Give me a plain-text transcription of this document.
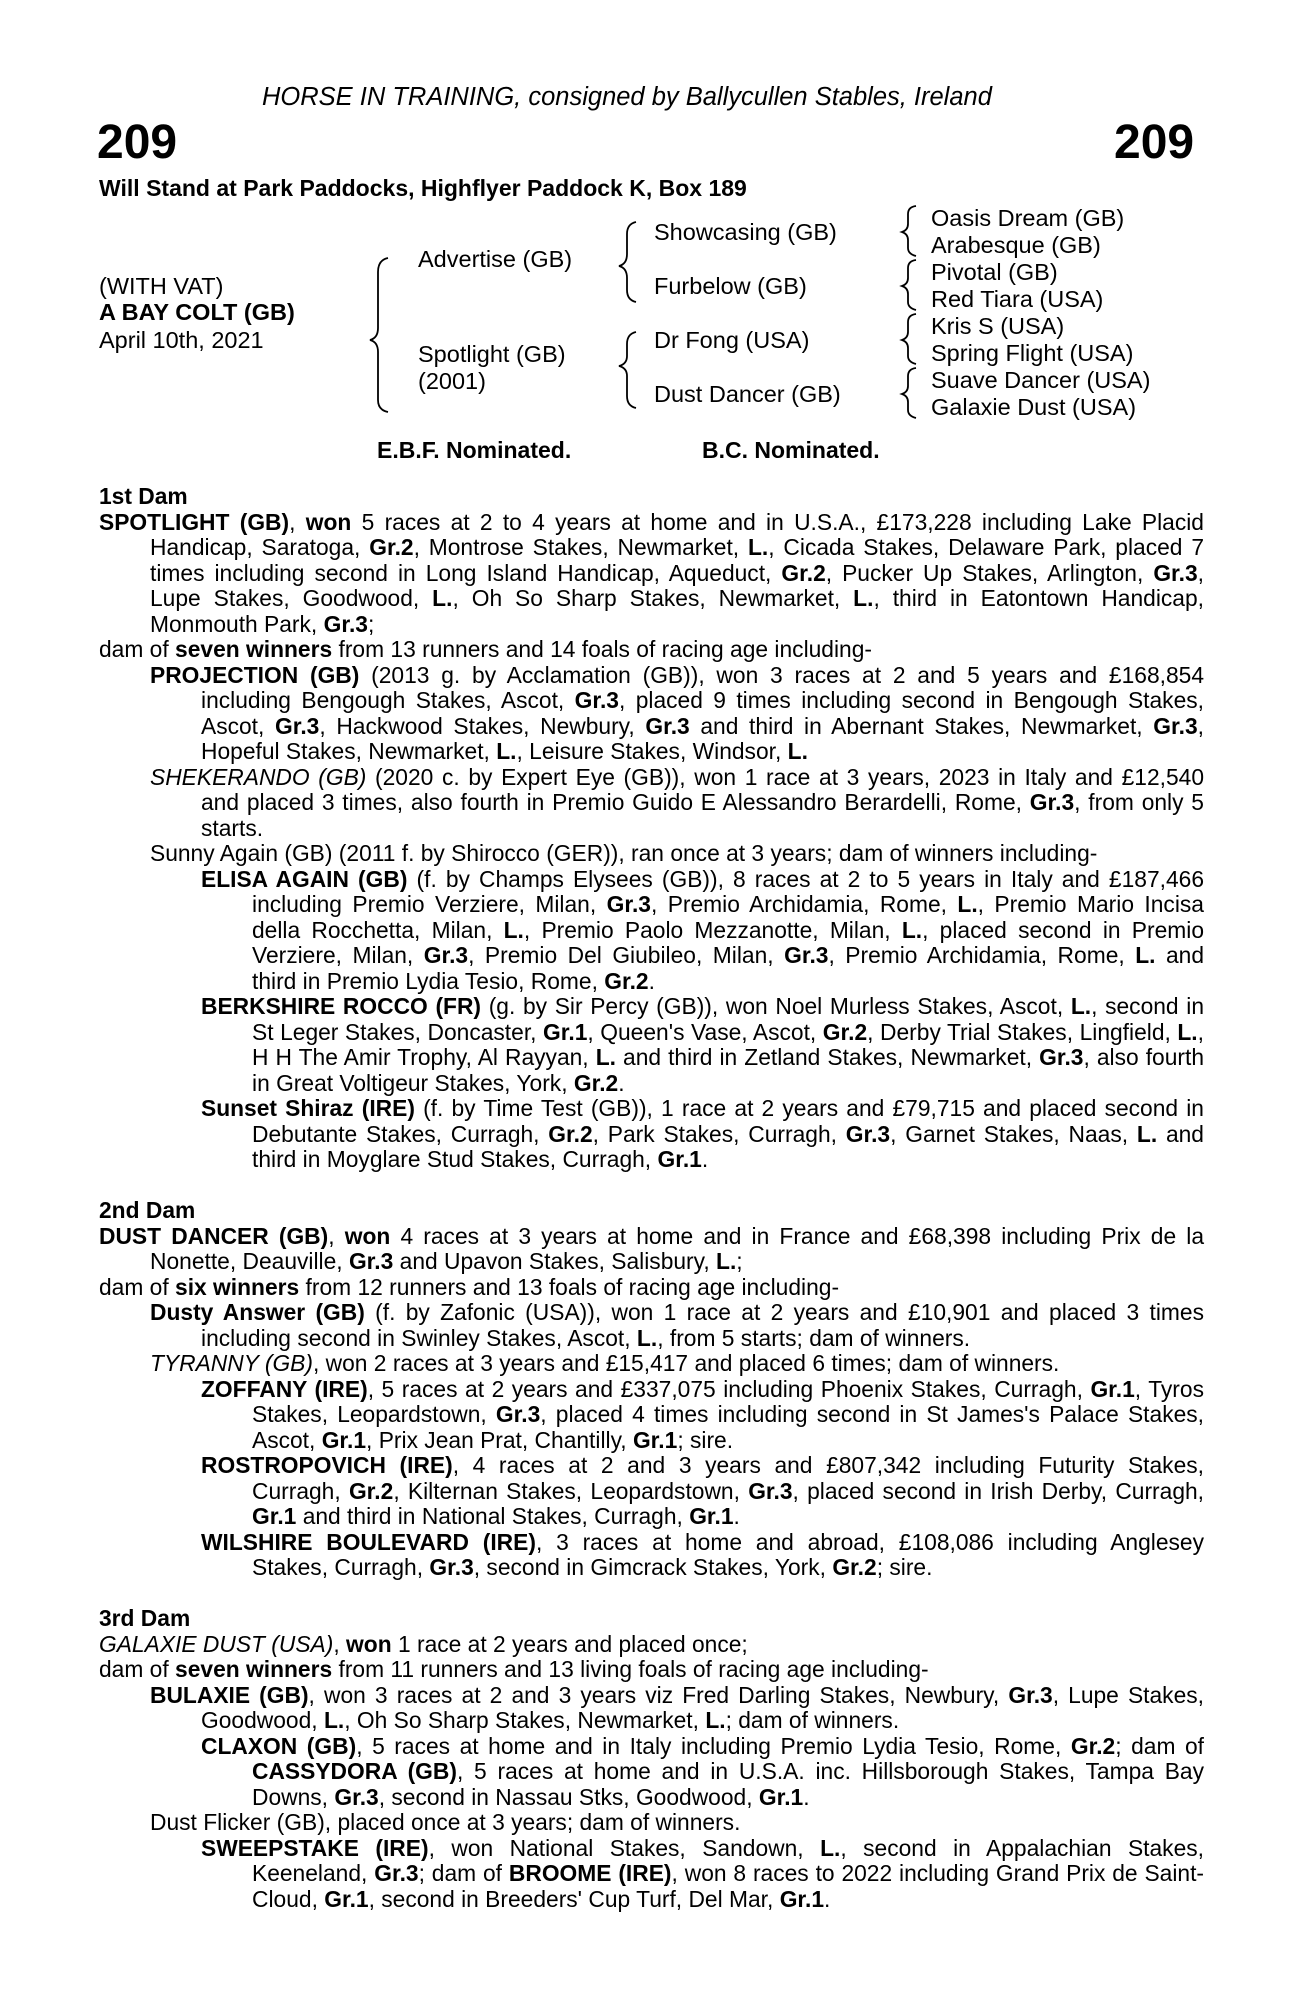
HORSE IN TRAINING, consigned by Ballycullen Stables, Ireland
209	209
Will Stand at Park Paddocks, Highflyer Paddock K, Box 189
(WITH VAT)
A BAY COLT (GB)
April 10th, 2021
Advertise (GB)
Spotlight (GB)
(2001)
Showcasing (GB)
Furbelow (GB)
Dr Fong (USA)
Dust Dancer (GB)
Oasis Dream (GB)
Arabesque (GB)
Pivotal (GB)
Red Tiara (USA)
Kris S (USA)
Spring Flight (USA)
Suave Dancer (USA)
Galaxie Dust (USA)
E.B.F. Nominated.	B.C. Nominated.
1st Dam

SPOTLIGHT (GB), won 5 races at 2 to 4 years at home and in U.S.A., £173,228 including Lake Placid Handicap, Saratoga, Gr.2, Montrose Stakes, Newmarket, L., Cicada Stakes, Delaware Park, placed 7 times including second in Long Island Handicap, Aqueduct, Gr.2, Pucker Up Stakes, Arlington, Gr.3, Lupe Stakes, Goodwood, L., Oh So Sharp Stakes, Newmarket, L., third in Eatontown Handicap, Monmouth Park, Gr.3;

dam of seven winners from 13 runners and 14 foals of racing age including-

PROJECTION (GB) (2013 g. by Acclamation (GB)), won 3 races at 2 and 5 years and £168,854 including Bengough Stakes, Ascot, Gr.3, placed 9 times including second in Bengough Stakes, Ascot, Gr.3, Hackwood Stakes, Newbury, Gr.3 and third in Abernant Stakes, Newmarket, Gr.3, Hopeful Stakes, Newmarket, L., Leisure Stakes, Windsor, L.

SHEKERANDO (GB) (2020 c. by Expert Eye (GB)), won 1 race at 3 years, 2023 in Italy and £12,540 and placed 3 times, also fourth in Premio Guido E Alessandro Berardelli, Rome, Gr.3, from only 5 starts.

Sunny Again (GB) (2011 f. by Shirocco (GER)), ran once at 3 years; dam of winners including-

ELISA AGAIN (GB) (f. by Champs Elysees (GB)), 8 races at 2 to 5 years in Italy and £187,466 including Premio Verziere, Milan, Gr.3, Premio Archidamia, Rome, L., Premio Mario Incisa della Rocchetta, Milan, L., Premio Paolo Mezzanotte, Milan, L., placed second in Premio Verziere, Milan, Gr.3, Premio Del Giubileo, Milan, Gr.3, Premio Archidamia, Rome, L. and third in Premio Lydia Tesio, Rome, Gr.2.

BERKSHIRE ROCCO (FR) (g. by Sir Percy (GB)), won Noel Murless Stakes, Ascot, L., second in St Leger Stakes, Doncaster, Gr.1, Queen's Vase, Ascot, Gr.2, Derby Trial Stakes, Lingfield, L., H H The Amir Trophy, Al Rayyan, L. and third in Zetland Stakes, Newmarket, Gr.3, also fourth in Great Voltigeur Stakes, York, Gr.2.

Sunset Shiraz (IRE) (f. by Time Test (GB)), 1 race at 2 years and £79,715 and placed second in Debutante Stakes, Curragh, Gr.2, Park Stakes, Curragh, Gr.3, Garnet Stakes, Naas, L. and third in Moyglare Stud Stakes, Curragh, Gr.1.

2nd Dam

DUST DANCER (GB), won 4 races at 3 years at home and in France and £68,398 including Prix de la Nonette, Deauville, Gr.3 and Upavon Stakes, Salisbury, L.;

dam of six winners from 12 runners and 13 foals of racing age including-

Dusty Answer (GB) (f. by Zafonic (USA)), won 1 race at 2 years and £10,901 and placed 3 times including second in Swinley Stakes, Ascot, L., from 5 starts; dam of winners.

TYRANNY (GB), won 2 races at 3 years and £15,417 and placed 6 times; dam of winners.

ZOFFANY (IRE), 5 races at 2 years and £337,075 including Phoenix Stakes, Curragh, Gr.1, Tyros Stakes, Leopardstown, Gr.3, placed 4 times including second in St James's Palace Stakes, Ascot, Gr.1, Prix Jean Prat, Chantilly, Gr.1; sire.

ROSTROPOVICH (IRE), 4 races at 2 and 3 years and £807,342 including Futurity Stakes, Curragh, Gr.2, Kilternan Stakes, Leopardstown, Gr.3, placed second in Irish Derby, Curragh, Gr.1 and third in National Stakes, Curragh, Gr.1.

WILSHIRE BOULEVARD (IRE), 3 races at home and abroad, £108,086 including Anglesey Stakes, Curragh, Gr.3, second in Gimcrack Stakes, York, Gr.2; sire.

3rd Dam

GALAXIE DUST (USA), won 1 race at 2 years and placed once;

dam of seven winners from 11 runners and 13 living foals of racing age including-

BULAXIE (GB), won 3 races at 2 and 3 years viz Fred Darling Stakes, Newbury, Gr.3, Lupe Stakes, Goodwood, L., Oh So Sharp Stakes, Newmarket, L.; dam of winners.

CLAXON (GB), 5 races at home and in Italy including Premio Lydia Tesio, Rome, Gr.2; dam of CASSYDORA (GB), 5 races at home and in U.S.A. inc. Hillsborough Stakes, Tampa Bay Downs, Gr.3, second in Nassau Stks, Goodwood, Gr.1.

Dust Flicker (GB), placed once at 3 years; dam of winners.

SWEEPSTAKE (IRE), won National Stakes, Sandown, L., second in Appalachian Stakes, Keeneland, Gr.3; dam of BROOME (IRE), won 8 races to 2022 including Grand Prix de Saint-Cloud, Gr.1, second in Breeders' Cup Turf, Del Mar, Gr.1.
